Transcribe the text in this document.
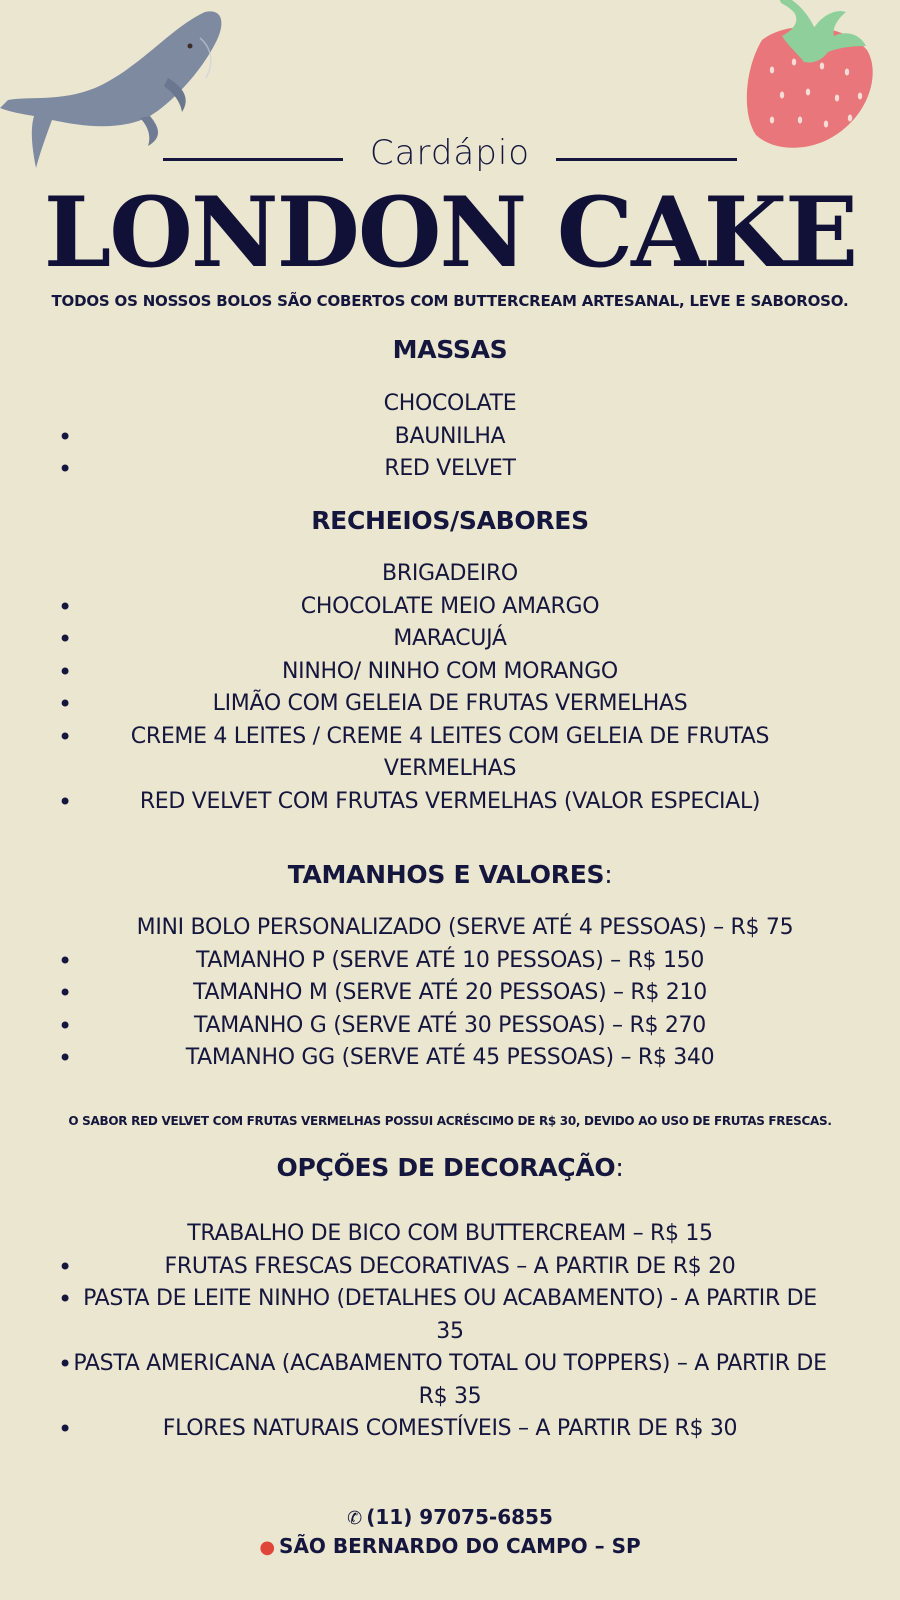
Cardápio
LONDON CAKE
TODOS OS NOSSOS BOLOS SÃO COBERTOS COM BUTTERCREAM ARTESANAL, LEVE E SABOROSO.
MASSAS
CHOCOLATE
•	BAUNILHA
•	RED VELVET
RECHEIOS/SABORES
BRIGADEIRO
•	CHOCOLATE MEIO AMARGO
•	MARACUJÁ
•	NINHO/ NINHO COM MORANGO
•	LIMÃO COM GELEIA DE FRUTAS VERMELHAS
•	CREME 4 LEITES / CREME 4 LEITES COM GELEIA DE FRUTAS VERMELHAS
•	RED VELVET COM FRUTAS VERMELHAS (VALOR ESPECIAL)
TAMANHOS E VALORES:
MINI BOLO PERSONALIZADO (SERVE ATÉ 4 PESSOAS) – R$ 75
•	TAMANHO P (SERVE ATÉ 10 PESSOAS) – R$ 150
•	TAMANHO M (SERVE ATÉ 20 PESSOAS) – R$ 210
•	TAMANHO G (SERVE ATÉ 30 PESSOAS) – R$ 270
•	TAMANHO GG (SERVE ATÉ 45 PESSOAS) – R$ 340
O SABOR RED VELVET COM FRUTAS VERMELHAS POSSUI ACRÉSCIMO DE R$ 30, DEVIDO AO USO DE FRUTAS FRESCAS.
OPÇÕES DE DECORAÇÃO:
TRABALHO DE BICO COM BUTTERCREAM – R$ 15
•	FRUTAS FRESCAS DECORATIVAS – A PARTIR DE R$ 20
• PASTA DE LEITE NINHO (DETALHES OU ACABAMENTO) - A PARTIR DE 35
• PASTA AMERICANA (ACABAMENTO TOTAL OU TOPPERS) – A PARTIR DE R$ 35
•	FLORES NATURAIS COMESTÍVEIS – A PARTIR DE R$ 30
✆ (11) 97075-6855
● SÃO BERNARDO DO CAMPO – SP
